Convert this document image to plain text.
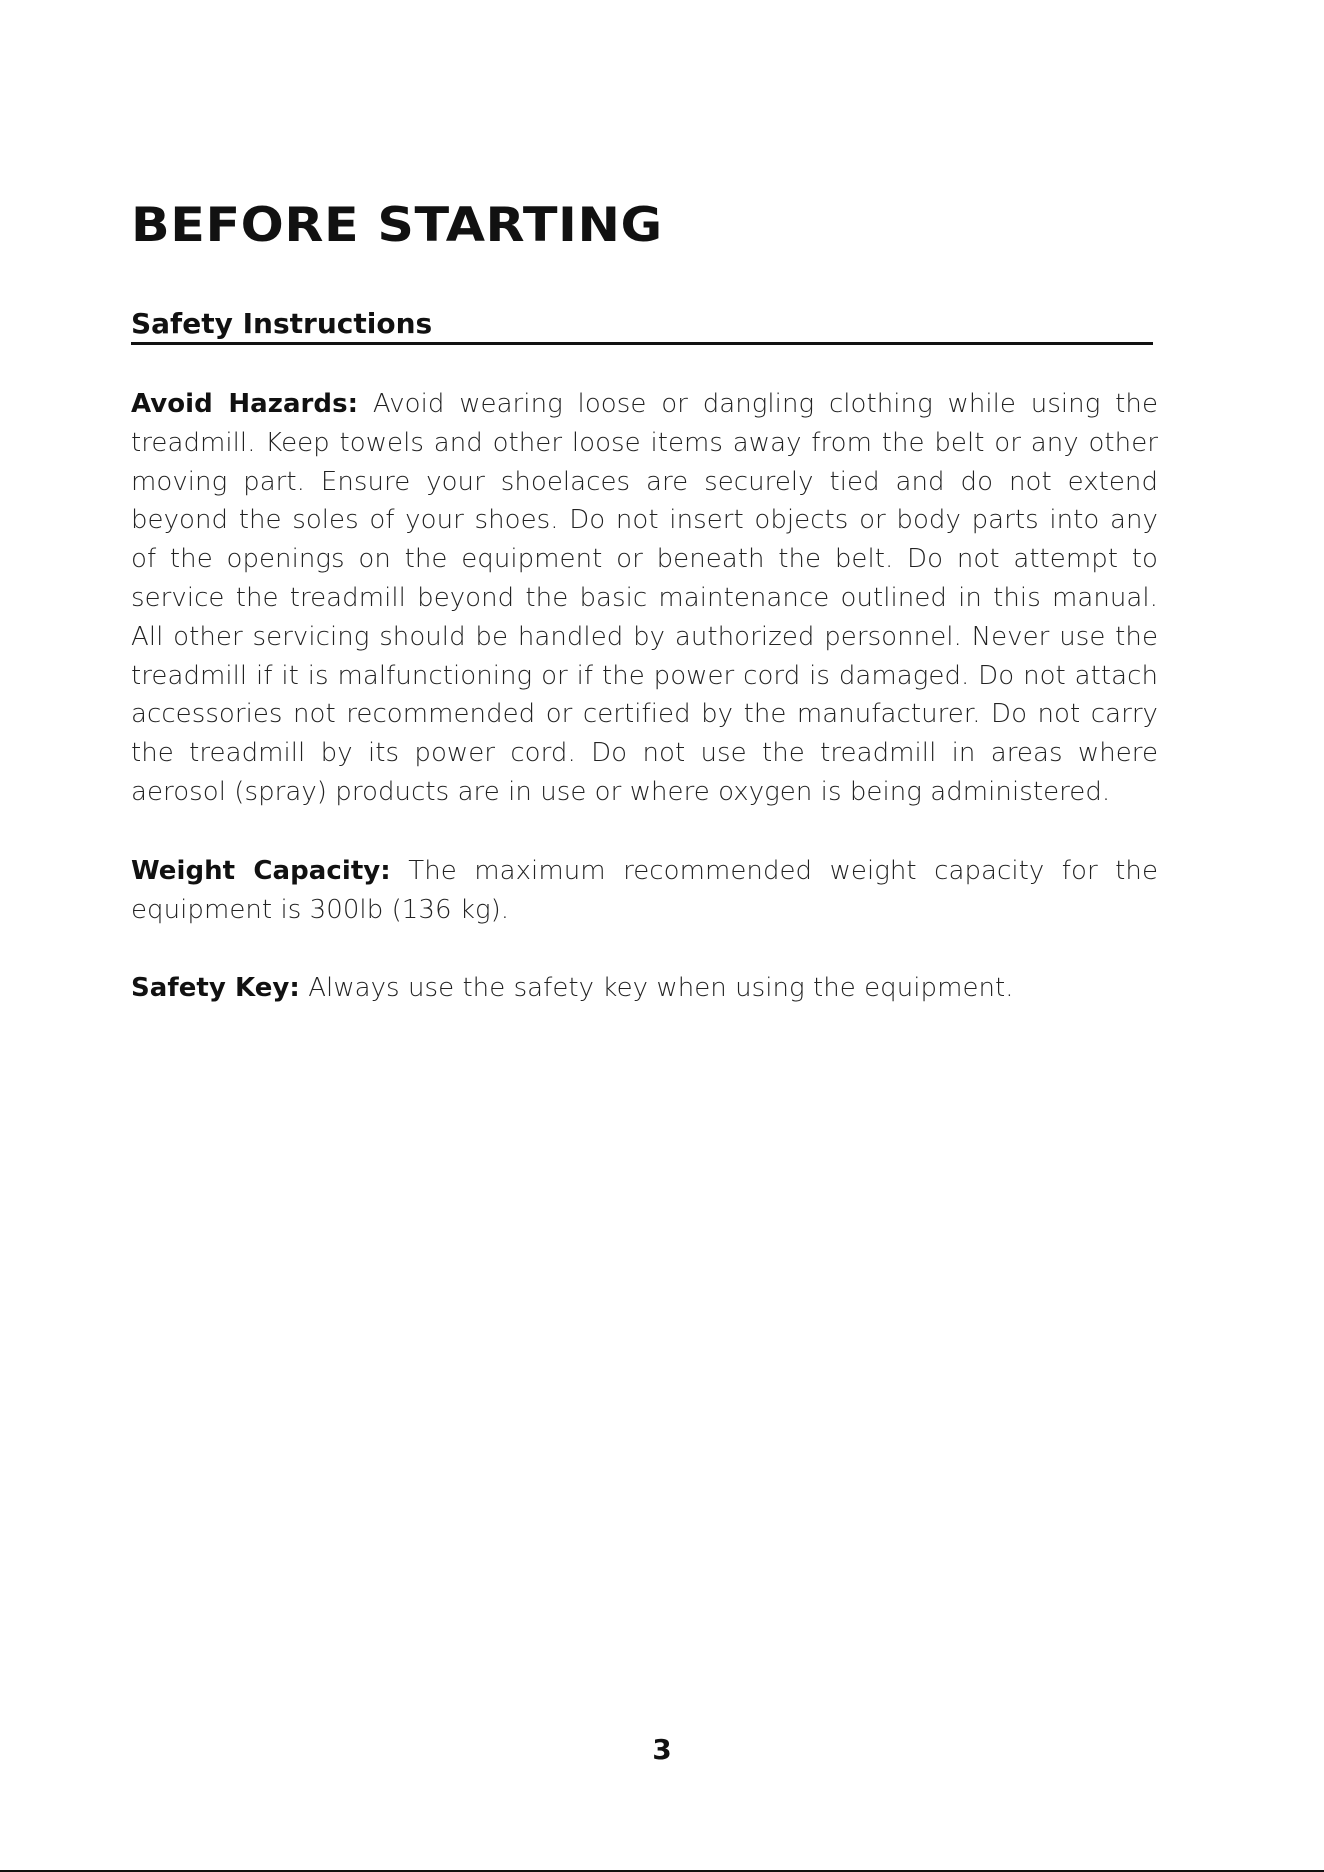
BEFORE STARTING
Safety Instructions

Avoid Hazards: Avoid wearing loose or dangling clothing while using the treadmill. Keep towels and other loose items away from the belt or any other moving part. Ensure your shoelaces are securely tied and do not extend beyond the soles of your shoes. Do not insert objects or body parts into any of the openings on the equipment or beneath the belt. Do not attempt to service the treadmill beyond the basic maintenance outlined in this manual. All other servicing should be handled by authorized personnel. Never use the treadmill if it is malfunctioning or if the power cord is damaged. Do not attach accessories not recommended or certified by the manufacturer. Do not carry the treadmill by its power cord. Do not use the treadmill in areas where aerosol (spray) products are in use or where oxygen is being administered.

Weight Capacity: The maximum recommended weight capacity for the equipment is 300lb (136 kg).

Safety Key: Always use the safety key when using the equipment.

3
